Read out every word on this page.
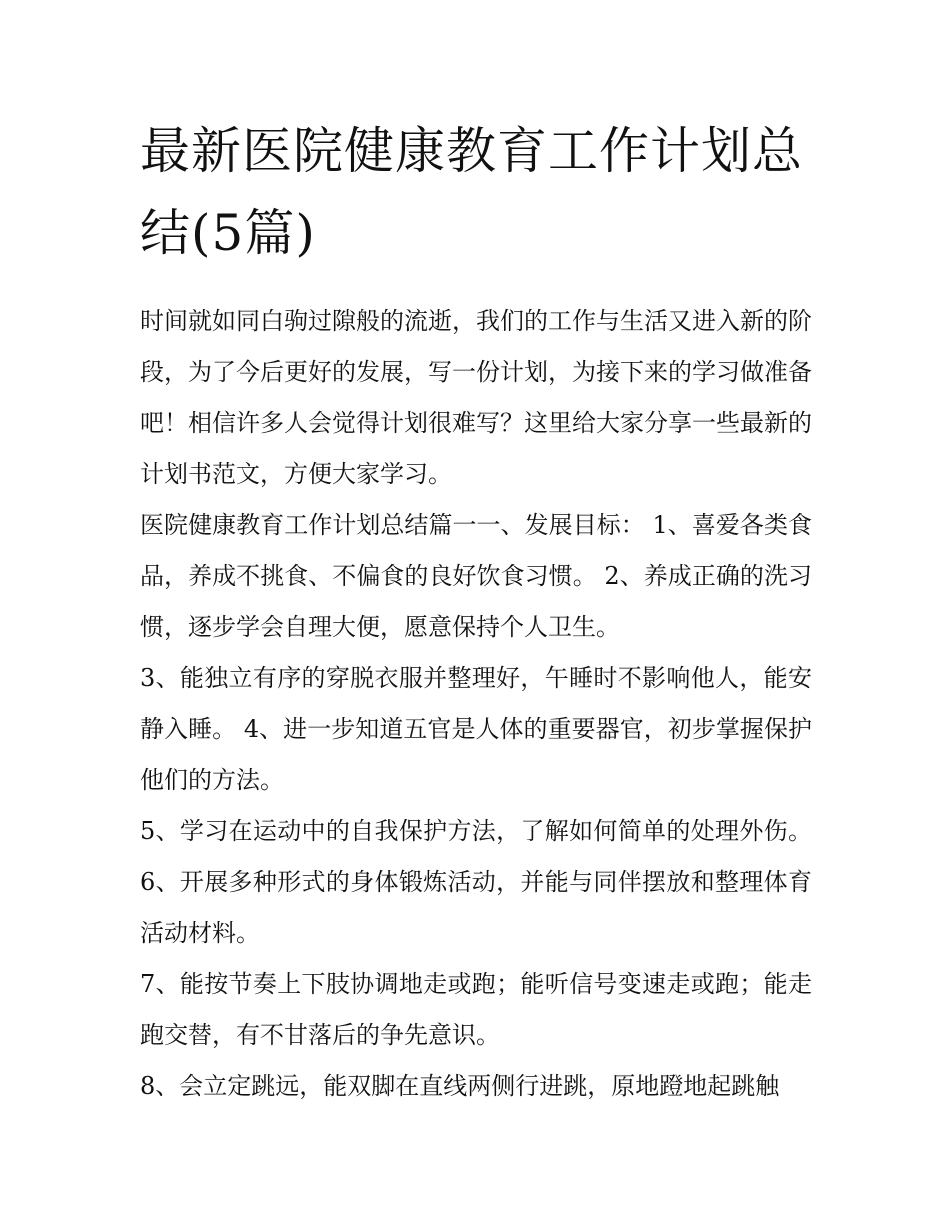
最新医院健康教育工作计划总结(5篇)

时间就如同白驹过隙般的流逝，我们的工作与生活又进入新的阶段，为了今后更好的发展，写一份计划，为接下来的学习做准备吧！相信许多人会觉得计划很难写？这里给大家分享一些最新的计划书范文，方便大家学习。

医院健康教育工作计划总结篇一一、发展目标： 1、喜爱各类食品，养成不挑食、不偏食的良好饮食习惯。 2、养成正确的洗习惯，逐步学会自理大便，愿意保持个人卫生。

3、能独立有序的穿脱衣服并整理好，午睡时不影响他人，能安静入睡。 4、进一步知道五官是人体的重要器官，初步掌握保护他们的方法。

5、学习在运动中的自我保护方法，了解如何简单的处理外伤。 6、开展多种形式的身体锻炼活动，并能与同伴摆放和整理体育活动材料。

7、能按节奏上下肢协调地走或跑；能听信号变速走或跑；能走跑交替，有不甘落后的争先意识。

8、会立定跳远，能双脚在直线两侧行进跳，原地蹬地起跳触
